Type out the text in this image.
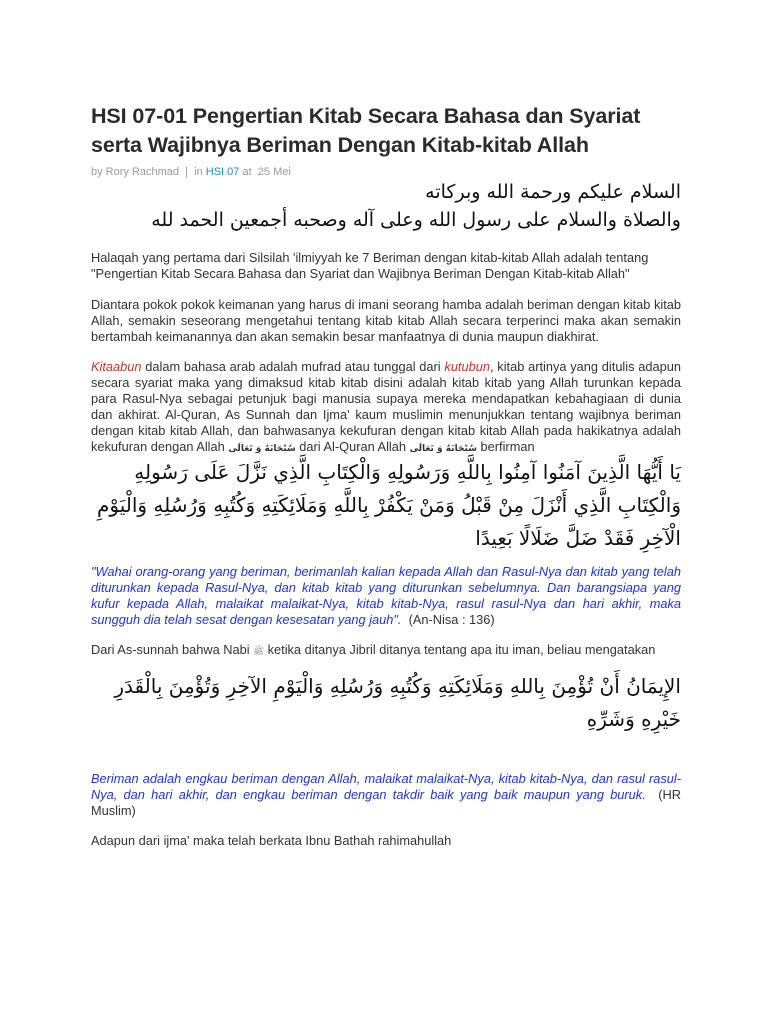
HSI 07-01 Pengertian Kitab Secara Bahasa dan Syariat serta Wajibnya Beriman Dengan Kitab-kitab Allah
by Rory Rachmad | in HSI 07 at 25 Mei
السلام عليكم ورحمة الله وبركاته
والصلاة والسلام على رسول الله وعلى آله وصحبه أجمعين الحمد لله

Halaqah yang pertama dari Silsilah 'ilmiyyah ke 7 Beriman dengan kitab-kitab Allah adalah tentang "Pengertian Kitab Secara Bahasa dan Syariat dan Wajibnya Beriman Dengan Kitab-kitab Allah"

Diantara pokok pokok keimanan yang harus di imani seorang hamba adalah beriman dengan kitab kitab Allah, semakin seseorang mengetahui tentang kitab kitab Allah secara terperinci maka akan semakin bertambah keimanannya dan akan semakin besar manfaatnya di dunia maupun diakhirat.

Kitaabun dalam bahasa arab adalah mufrad atau tunggal dari kutubun, kitab artinya yang ditulis adapun secara syariat maka yang dimaksud kitab kitab disini adalah kitab kitab yang Allah turunkan kepada para Rasul-Nya sebagai petunjuk bagi manusia supaya mereka mendapatkan kebahagiaan di dunia dan akhirat. Al-Quran, As Sunnah dan Ijma' kaum muslimin menunjukkan tentang wajibnya beriman dengan kitab kitab Allah, dan bahwasanya kekufuran dengan kitab kitab Allah pada hakikatnya adalah kekufuran dengan Allah سُبْحَانَهُ وَ تَعَالَى dari Al-Quran Allah سُبْحَانَهُ وَ تَعَالَى berfirman

يَا أَيُّهَا الَّذِينَ آمَنُوا آمِنُوا بِاللَّهِ وَرَسُولِهِ وَالْكِتَابِ الَّذِي نَزَّلَ عَلَى رَسُولِهِ وَالْكِتَابِ الَّذِي أَنْزَلَ مِنْ قَبْلُ وَمَنْ يَكْفُرْ بِاللَّهِ وَمَلَائِكَتِهِ وَكُتُبِهِ وَرُسُلِهِ وَالْيَوْمِ الْآخِرِ فَقَدْ ضَلَّ ضَلَالًا بَعِيدًا

"Wahai orang-orang yang beriman, berimanlah kalian kepada Allah dan Rasul-Nya dan kitab yang telah diturunkan kepada Rasul-Nya, dan kitab kitab yang diturunkan sebelumnya. Dan barangsiapa yang kufur kepada Allah, malaikat malaikat-Nya, kitab kitab-Nya, rasul rasul-Nya dan hari akhir, maka sungguh dia telah sesat dengan kesesatan yang jauh". (An-Nisa : 136)

Dari As-sunnah bahwa Nabi ﷺ ketika ditanya Jibril ditanya tentang apa itu iman, beliau mengatakan

الإِيمَانُ أَنْ تُؤْمِنَ بِاللهِ وَمَلَائِكَتِهِ وَكُتُبِهِ وَرُسُلِهِ وَالْيَوْمِ الآخِرِ وَتُؤْمِنَ بِالْقَدَرِ خَيْرِهِ وَشَرِّهِ

Beriman adalah engkau beriman dengan Allah, malaikat malaikat-Nya, kitab kitab-Nya, dan rasul rasul-Nya, dan hari akhir, dan engkau beriman dengan takdir baik yang baik maupun yang buruk. (HR Muslim)

Adapun dari ijma' maka telah berkata Ibnu Bathah rahimahullah
